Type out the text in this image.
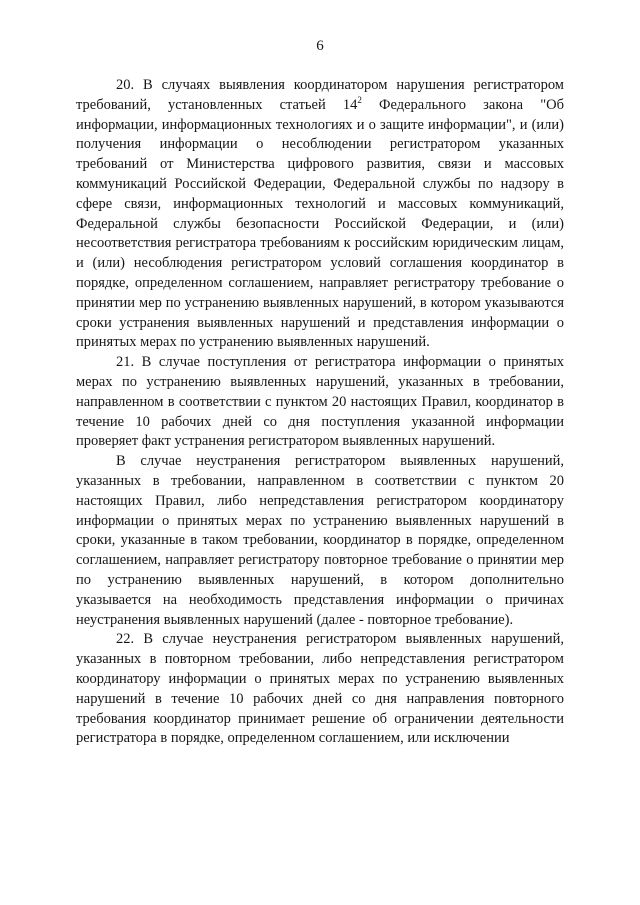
6

20. В случаях выявления координатором нарушения регистратором требований, установленных статьей $14^2$ Федерального закона "Об информации, информационных технологиях и о защите информации", и (или) получения информации о несоблюдении регистратором указанных требований от Министерства цифрового развития, связи и массовых коммуникаций Российской Федерации, Федеральной службы по надзору в сфере связи, информационных технологий и массовых коммуникаций, Федеральной службы безопасности Российской Федерации, и (или) несоответствия регистратора требованиям к российским юридическим лицам, и (или) несоблюдения регистратором условий соглашения координатор в порядке, определенном соглашением, направляет регистратору требование о принятии мер по устранению выявленных нарушений, в котором указываются сроки устранения выявленных нарушений и представления информации о принятых мерах по устранению выявленных нарушений.

21. В случае поступления от регистратора информации о принятых мерах по устранению выявленных нарушений, указанных в требовании, направленном в соответствии с пунктом 20 настоящих Правил, координатор в течение 10 рабочих дней со дня поступления указанной информации проверяет факт устранения регистратором выявленных нарушений.

В случае неустранения регистратором выявленных нарушений, указанных в требовании, направленном в соответствии с пунктом 20 настоящих Правил, либо непредставления регистратором координатору информации о принятых мерах по устранению выявленных нарушений в сроки, указанные в таком требовании, координатор в порядке, определенном соглашением, направляет регистратору повторное требование о принятии мер по устранению выявленных нарушений, в котором дополнительно указывается на необходимость представления информации о причинах неустранения выявленных нарушений (далее - повторное требование).

22. В случае неустранения регистратором выявленных нарушений, указанных в повторном требовании, либо непредставления регистратором координатору информации о принятых мерах по устранению выявленных нарушений в течение 10 рабочих дней со дня направления повторного требования координатор принимает решение об ограничении деятельности регистратора в порядке, определенном соглашением, или исключении
